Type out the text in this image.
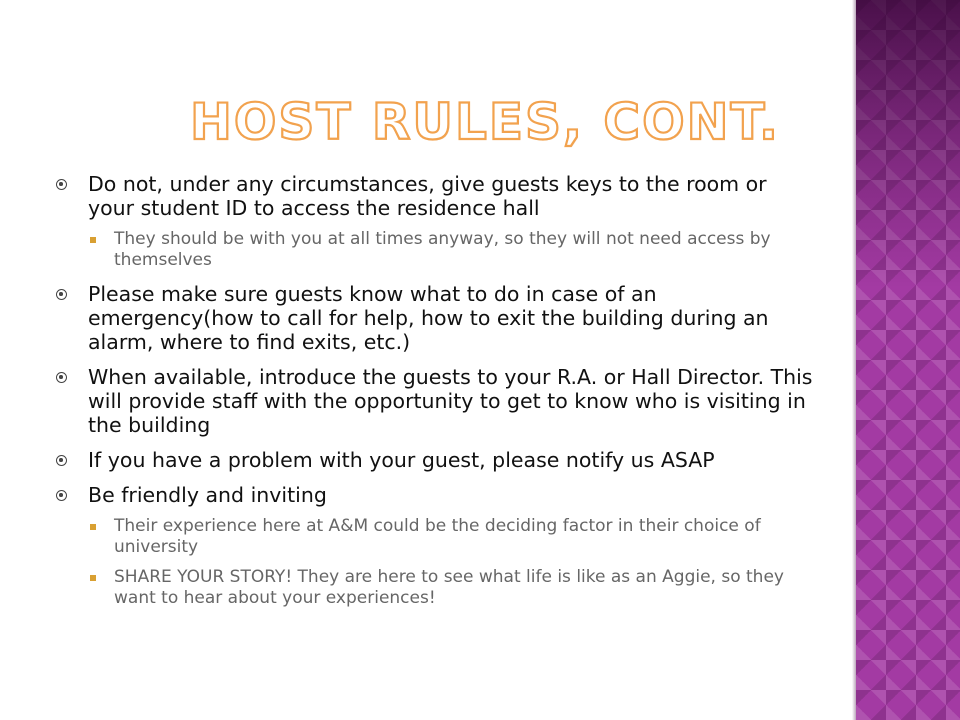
HOST RULES, CONT.
Do not, under any circumstances, give guests keys to the room or your student ID to access the residence hall
They should be with you at all times anyway, so they will not need access by themselves
Please make sure guests know what to do in case of an emergency(how to call for help, how to exit the building during an alarm, where to find exits, etc.)
When available, introduce the guests to your R.A. or Hall Director. This will provide staff with the opportunity to get to know who is visiting in the building
If you have a problem with your guest, please notify us ASAP
Be friendly and inviting
Their experience here at A&M could be the deciding factor in their choice of university
SHARE YOUR STORY! They are here to see what life is like as an Aggie, so they want to hear about your experiences!
